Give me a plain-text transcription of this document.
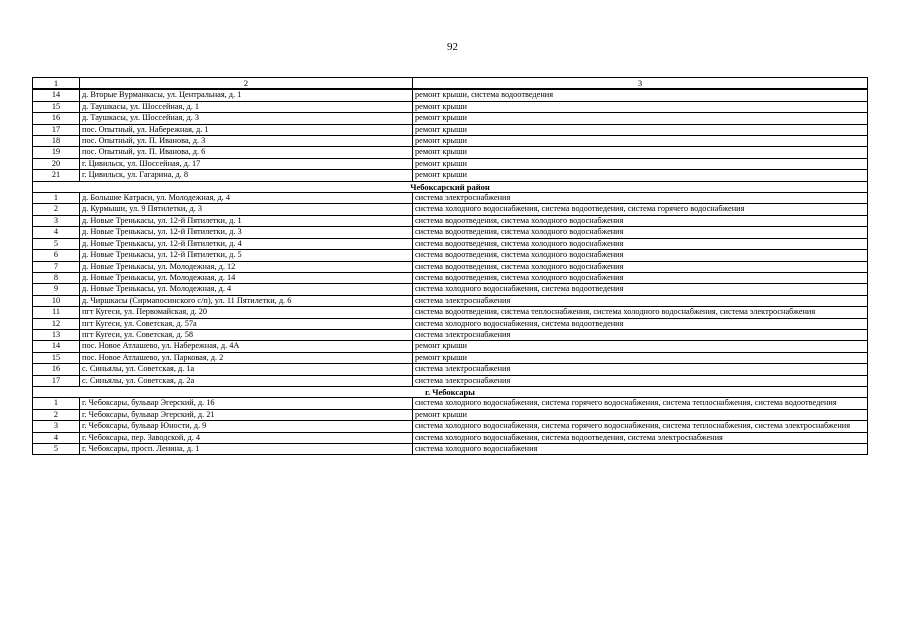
92
1	2	3
14	д. Вторые Вурманкасы, ул. Центральная, д. 1	ремонт крыши, система водоотведения
15	д. Таушкасы, ул. Шоссейная, д. 1	ремонт крыши
16	д. Таушкасы, ул. Шоссейная, д. 3	ремонт крыши
17	пос. Опытный, ул. Набережная, д. 1	ремонт крыши
18	пос. Опытный, ул. П. Иванова, д. 3	ремонт крыши
19	пос. Опытный, ул. П. Иванова, д. 6	ремонт крыши
20	г. Цивильск, ул. Шоссейная, д. 17	ремонт крыши
21	г. Цивильск, ул. Гагарина, д. 8	ремонт крыши
Чебоксарский район		
1	д. Большие Катраси, ул. Молодежная, д. 4	система электроснабжения
2	д. Курмыши, ул. 9 Пятилетки, д. 3	система холодного водоснабжения, система водоотведения, система горячего водоснабжения
3	д. Новые Тренькасы, ул. 12-й Пятилетки, д. 1	система водоотведения, система холодного водоснабжения
4	д. Новые Тренькасы, ул. 12-й Пятилетки, д. 3	система водоотведения, система холодного водоснабжения
5	д. Новые Тренькасы, ул. 12-й Пятилетки, д. 4	система водоотведения, система холодного водоснабжения
6	д. Новые Тренькасы, ул. 12-й Пятилетки, д. 5	система водоотведения, система холодного водоснабжения
7	д. Новые Тренькасы, ул. Молодежная, д. 12	система водоотведения, система холодного водоснабжения
8	д. Новые Тренькасы, ул. Молодежная, д. 14	система водоотведения, система холодного водоснабжения
9	д. Новые Тренькасы, ул. Молодежная, д. 4	система холодного водоснабжения, система водоотведения
10	д. Чиршкасы (Сирмапосинского с/п), ул. 11 Пятилетки, д. 6	система электроснабжения
11	пгт Кугеси, ул. Первомайская, д. 20	система водоотведения, система теплоснабжения, система холодного водоснабжения, система электроснабжения
12	пгт Кугеси, ул. Советская, д. 57а	система холодного водоснабжения, система водоотведения
13	пгт Кугеси, ул. Советская, д. 58	система электроснабжения
14	пос. Новое Атлашево, ул. Набережная, д. 4А	ремонт крыши
15	пос. Новое Атлашево, ул. Парковая, д. 2	ремонт крыши
16	с. Синьялы, ул. Советская, д. 1а	система электроснабжения
17	с. Синьялы, ул. Советская, д. 2а	система электроснабжения
г. Чебоксары		
1	г. Чебоксары, бульвар Эгерский, д. 16	система холодного водоснабжения, система горячего водоснабжения, система теплоснабжения, система водоотведения
2	г. Чебоксары, бульвар Эгерский, д. 21	ремонт крыши
3	г. Чебоксары, бульвар Юности, д. 9	система холодного водоснабжения, система горячего водоснабжения, система теплоснабжения, система электроснабжения
4	г. Чебоксары, пер. Заводской, д. 4	система холодного водоснабжения, система водоотведения, система электроснабжения
5	г. Чебоксары, просп. Ленина, д. 1	система холодного водоснабжения
